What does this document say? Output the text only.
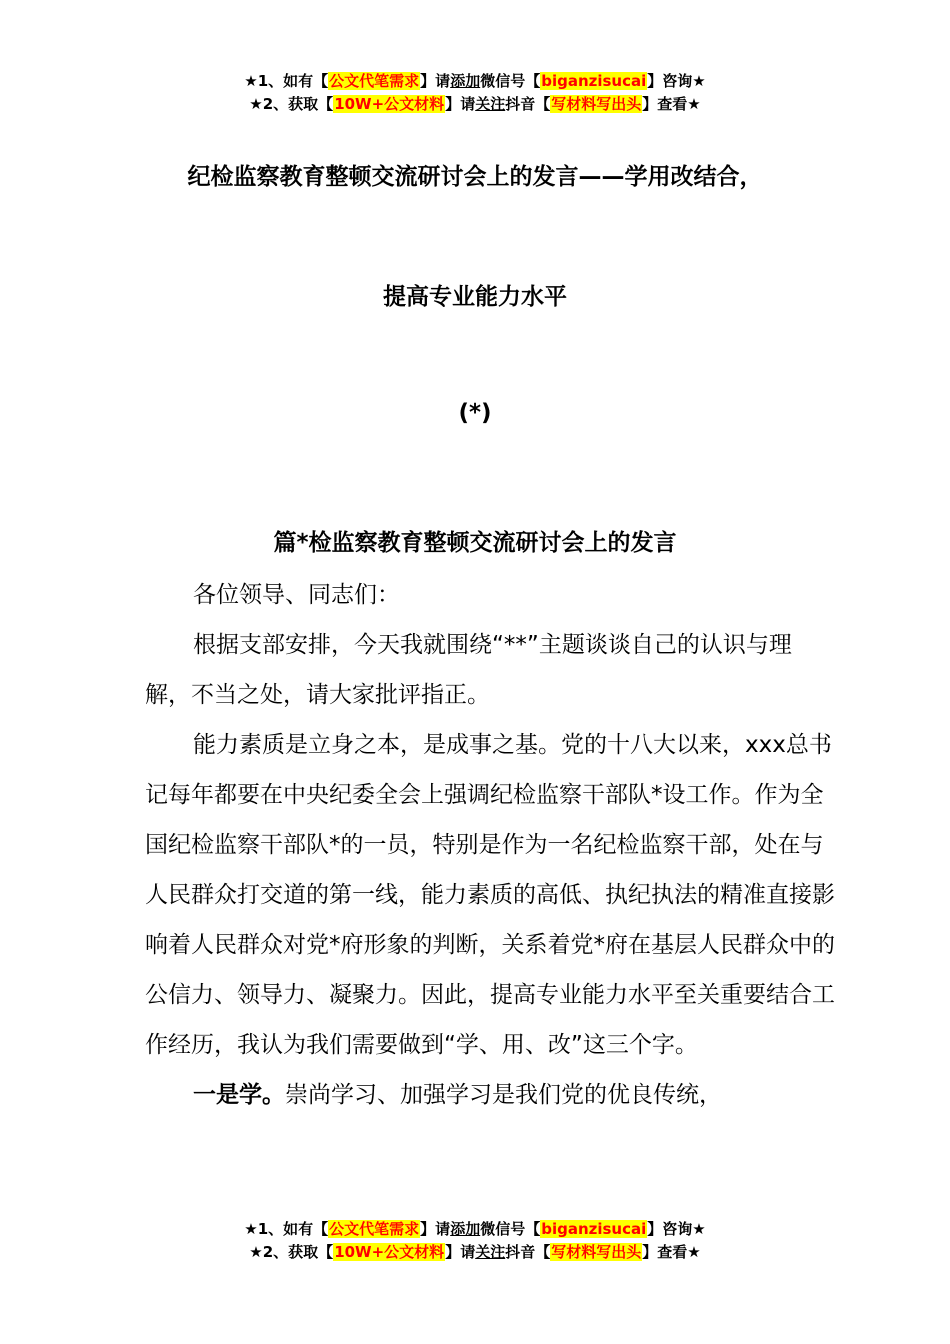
★1、如有【公文代笔需求】请添加微信号【biganzisucai】咨询★
★2、获取【10W+公文材料】请关注抖音【写材料写出头】查看★
纪检监察教育整顿交流研讨会上的发言——学用改结合，
提高专业能力水平
(*)
篇*检监察教育整顿交流研讨会上的发言

各位领导、同志们：

根据支部安排，今天我就围绕“**”主题谈谈自己的认识与理解，不当之处，请大家批评指正。

能力素质是立身之本，是成事之基。党的十八大以来，xxx总书记每年都要在中央纪委全会上强调纪检监察干部队*设工作。作为全国纪检监察干部队*的一员，特别是作为一名纪检监察干部，处在与人民群众打交道的第一线，能力素质的高低、执纪执法的精准直接影响着人民群众对党*府形象的判断，关系着党*府在基层人民群众中的公信力、领导力、凝聚力。因此，提高专业能力水平至关重要结合工作经历，我认为我们需要做到“学、用、改”这三个字。

一是学。崇尚学习、加强学习是我们党的优良传统，

★1、如有【公文代笔需求】请添加微信号【biganzisucai】咨询★
★2、获取【10W+公文材料】请关注抖音【写材料写出头】查看★
